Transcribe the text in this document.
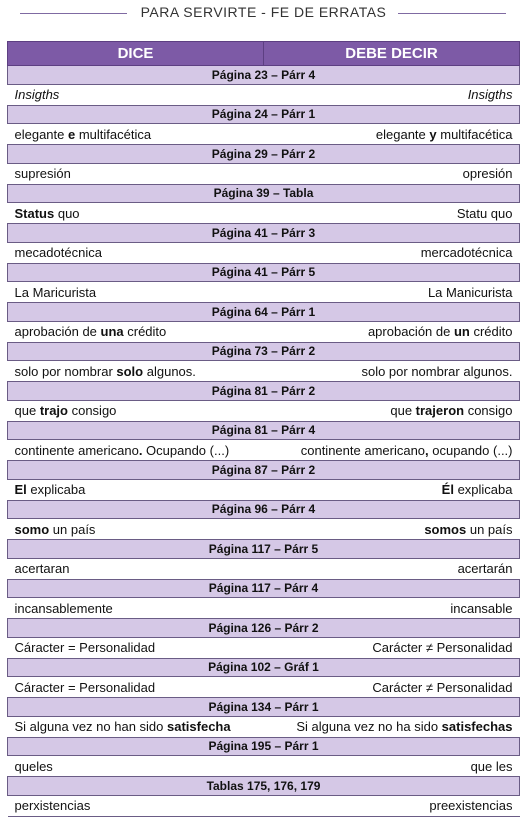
PARA SERVIRTE - FE DE ERRATAS
DICE	DEBE DECIR
Página 23 – Párr 4	
Insigths	Insigths
Página 24 – Párr 1	
elegante e multifacética	elegante y multifacética
Página 29 – Párr 2	
supresión	opresión
Página 39 – Tabla	
Status quo	Statu quo
Página 41 – Párr 3	
mecadotécnica	mercadotécnica
Página 41 – Párr 5	
La Maricurista	La Manicurista
Página 64 – Párr 1	
aprobación de una crédito	aprobación de un crédito
Página 73 – Párr 2	
solo por nombrar solo algunos.	solo por nombrar algunos.
Página 81 – Párr 2	
que trajo consigo	que trajeron consigo
Página 81 – Párr 4	
continente americano. Ocupando (...)	continente americano, ocupando (...)
Página 87 – Párr 2	
El explicaba	Él explicaba
Página 96 – Párr 4	
somo un país	somos un país
Página 117 – Párr 5	
acertaran	acertarán
Página 117 – Párr 4	
incansablemente	incansable
Página 126 – Párr 2	
Cáracter = Personalidad	Carácter ≠ Personalidad
Página 102 – Gráf 1	
Cáracter = Personalidad	Carácter ≠ Personalidad
Página 134 – Párr 1	
Si alguna vez no han sido satisfecha	Si alguna vez no ha sido satisfechas
Página 195 – Párr 1	
queles	que les
Tablas 175, 176, 179	
perxistencias	preexistencias
